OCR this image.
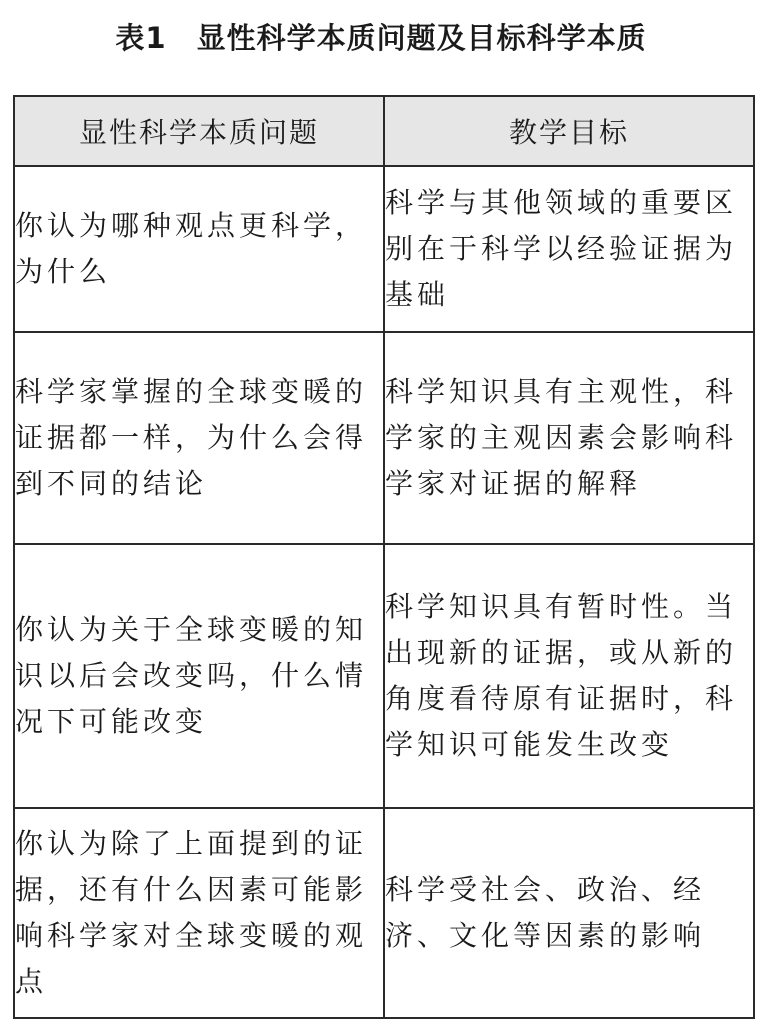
表1 显性科学本质问题及目标科学本质
显性科学本质问题	教学目标
你认为哪种观点更科学，为什么	科学与其他领域的重要区别在于科学以经验证据为基础
科学家掌握的全球变暖的证据都一样，为什么会得到不同的结论	科学知识具有主观性，科学家的主观因素会影响科学家对证据的解释
你认为关于全球变暖的知识以后会改变吗，什么情况下可能改变	科学知识具有暂时性。当出现新的证据，或从新的角度看待原有证据时，科学知识可能发生改变
你认为除了上面提到的证据，还有什么因素可能影响科学家对全球变暖的观点	科学受社会、政治、经济、文化等因素的影响
